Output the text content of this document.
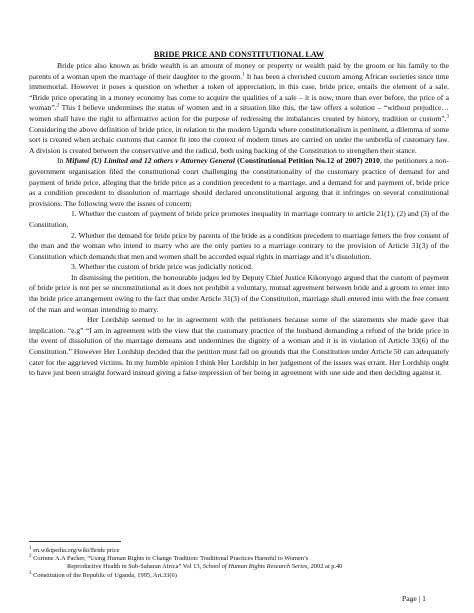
BRIDE PRICE AND CONSTITUTIONAL LAW

Bride price also known as bride wealth is an amount of money or property or wealth paid by the groom or his family to the parents of a woman upon the marriage of their daughter to the groom.$^1$ It has been a cherished custom among African societies since time immemorial. However it poses a question on whether a token of appreciation, in this case, bride price, entails the element of a sale. “Bride price operating in a money economy has come to acquire the qualities of a sale – it is now, more than ever before, the price of a woman”.$^2$ This I believe undermines the status of women and in a situation like this, the law offers a solution – “without prejudice…women shall have the right to affirmative action for the purpose of redressing the imbalances created by history, tradition or custom”.$^3$ Considering the above definition of bride price, in relation to the modern Uganda where constitutionalism is pertinent, a dilemma of some sort is created when archaic customs that cannot fit into the context of modern times are carried on under the umbrella of customary law. A division is created between the conservative and the radical, both using backing of the Constitution to strengthen their stance.

In Mifumi (U) Limited and 12 others v Attorney General (Constitutional Petition No.12 of 2007) 2010, the petitioners a non-government organisation filed the constitutional court challenging the constitutionality of the customary practice of demand for and payment of bride price, alleging that the bride price as a condition precedent to a marriage, and a demand for and payment of, bride price as a condition precedent to dissolution of marriage should declared unconstitutional arguing that it infringes on several constitutional provisions. The following were the issues of concern;

1. Whether the custom of payment of bride price promotes inequality in marriage contrary to article 21(1), (2) and (3) of the Constitution.

2. Whether the demand for bride price by parents of the bride as a condition precedent to marriage fetters the free consent of the man and the woman who intend to marry who are the only parties to a marriage contrary to the provision of Article 31(3) of the Constitution which demands that men and women shall be accorded equal rights in marriage and it’s dissolution.

3. Whether the custom of bride price was judicially noticed.

In dismissing the petition, the honourable judges led by Deputy Chief Justice Kikonyogo argued that the custom of payment of bride price is not per se unconstitutional as it does not prohibit a voluntary, mutual agreement between bride and a groom to enter into the bride price arrangement owing to the fact that under Article 31(3) of the Constitution, marriage shall entered into with the free consent of the man and woman intending to marry.

Her Lordship seemed to be in agreement with the petitioners because some of the statements she made gave that implication. “e.g” “I am in agreement with the view that the customary practice of the husband demanding a refund of the bride price in the event of dissolution of the marriage demeans and undermines the dignity of a woman and it is in violation of Article 33(6) of the Constitution.” However Her Lordship decided that the petition must fail on grounds that the Constitution under Article 50 can adequately cater for the aggrieved victims. In my humble opinion I think Her Lordship in her judgement of the issues was errant. Her Lordship ought to have just been straight forward instead giving a false impression of her being in agreement with one side and then deciding against it.

$^1$ en.wikipedia.org/wiki/Bride price

$^2$ Corinne A.A Packer, “Using Human Rights to Change Tradition: Traditional Practices Harmful to Women’s

Reproductive Health in Sub-Saharan Africa” Vol 13, School of Human Rights Research Series, 2002 at p.40

$^3$ Constitution of the Republic of Uganda, 1995, Art.33(6)

Page | 1
